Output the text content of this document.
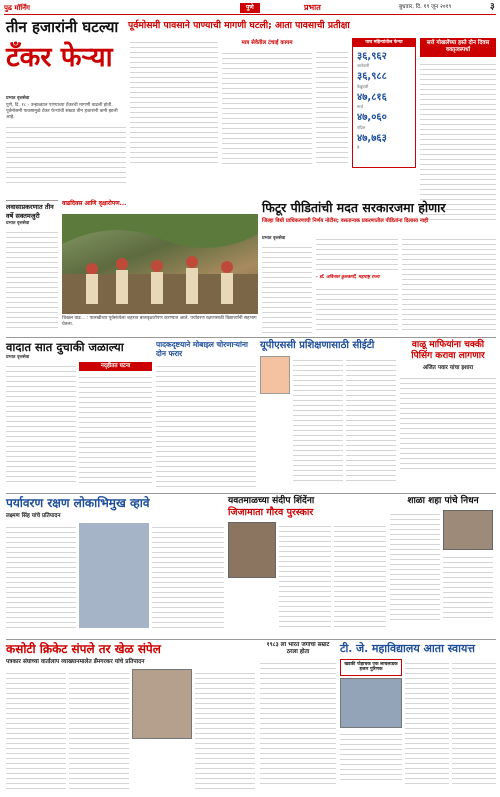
पुढ मॉर्निंग	पुणे	प्रभात	बुधवार, दि. १९ जून २०१९	३
तीन हजारांनी घटल्या
टँकर फेऱ्या
पूर्वमोसमी पावसाने पाण्याची मागणी घटली; आता पावसाची प्रतीक्षा
प्रभात वृत्तसेवा
पुणे, दि. १८ - उन्हाळ्यात पाण्याच्या टँकरची मागणी वाढली होती. पूर्वमोसमी पावसामुळे टँकर फेऱ्यांची संख्या तीन हजारांनी कमी झाली आहे.
मात्र सेवेतील टंचाई कायम	पाच महिन्यांतील फेऱ्या
३६,९६२
जानेवारी
३६,९८८
फेब्रुवारी
४७,८१६
मार्च
४७,०६०
एप्रिल
४७,७६३
मे
सत्ते गोखलेंच्या हस्ते दोन दिवस वक्तृत्वस्पर्धा
लवासाप्रकरणात तीन वर्षे सक्तमजुरी
प्रभात वृत्तसेवा
वाढदिवस आणि वृक्षारोपण...
चिखल वाढ... : पालखीच्या पूर्वसंध्येला शहरात बालवृक्षारोपण करण्यात आले. पर्यावरण रक्षणासाठी विद्यार्थ्यांनी सहभाग घेतला.
फिटूर पीडितांची मदत सरकारजमा होणार
जिल्हा विधी प्राधिकरणाची निर्णय नोटीस; वसतान्यक प्रकरणातील पीडितांना दिलासा नाही
प्रभात वृत्तसेवा
- डॉ. अविनाश कुलकर्णी, महाराष्ट्र राज्य
वादात सात दुचाकी जळाल्या
प्रभात वृत्तसेवा
नद्हीतत घटना
पादकदृष्टयाने मोबाइल चोरणाऱ्यांना दोन फरार
यूपीएससी प्रशिक्षणासाठी सीईटी	वाळू माफियांना चक्की पिसिंग करावा लागणार
अजित पवार यांचा इशारा
पर्यावरण रक्षण लोकाभिमुख व्हावे
लक्ष्मण सिंह यांचे प्रतिपादन
यवतमाळच्या संदीप शिंदेंना
जिजामाता गौरव पुरस्कार
शाळा शहा पांचे निधन
कसोटी क्रिकेट संपले तर खेळ संपेल
पत्रकार संघाच्या वार्तालाप व्याख्यानमालेत डॅमगरकर यांचे प्रतिपादन
१९८३ ला भारत जगाचा सम्राट ठरला होता	टी. जे. महाविद्यालय आता स्वायत्त
खडकी पोहाचक एक लाचलाडक हजार पुरिणक
